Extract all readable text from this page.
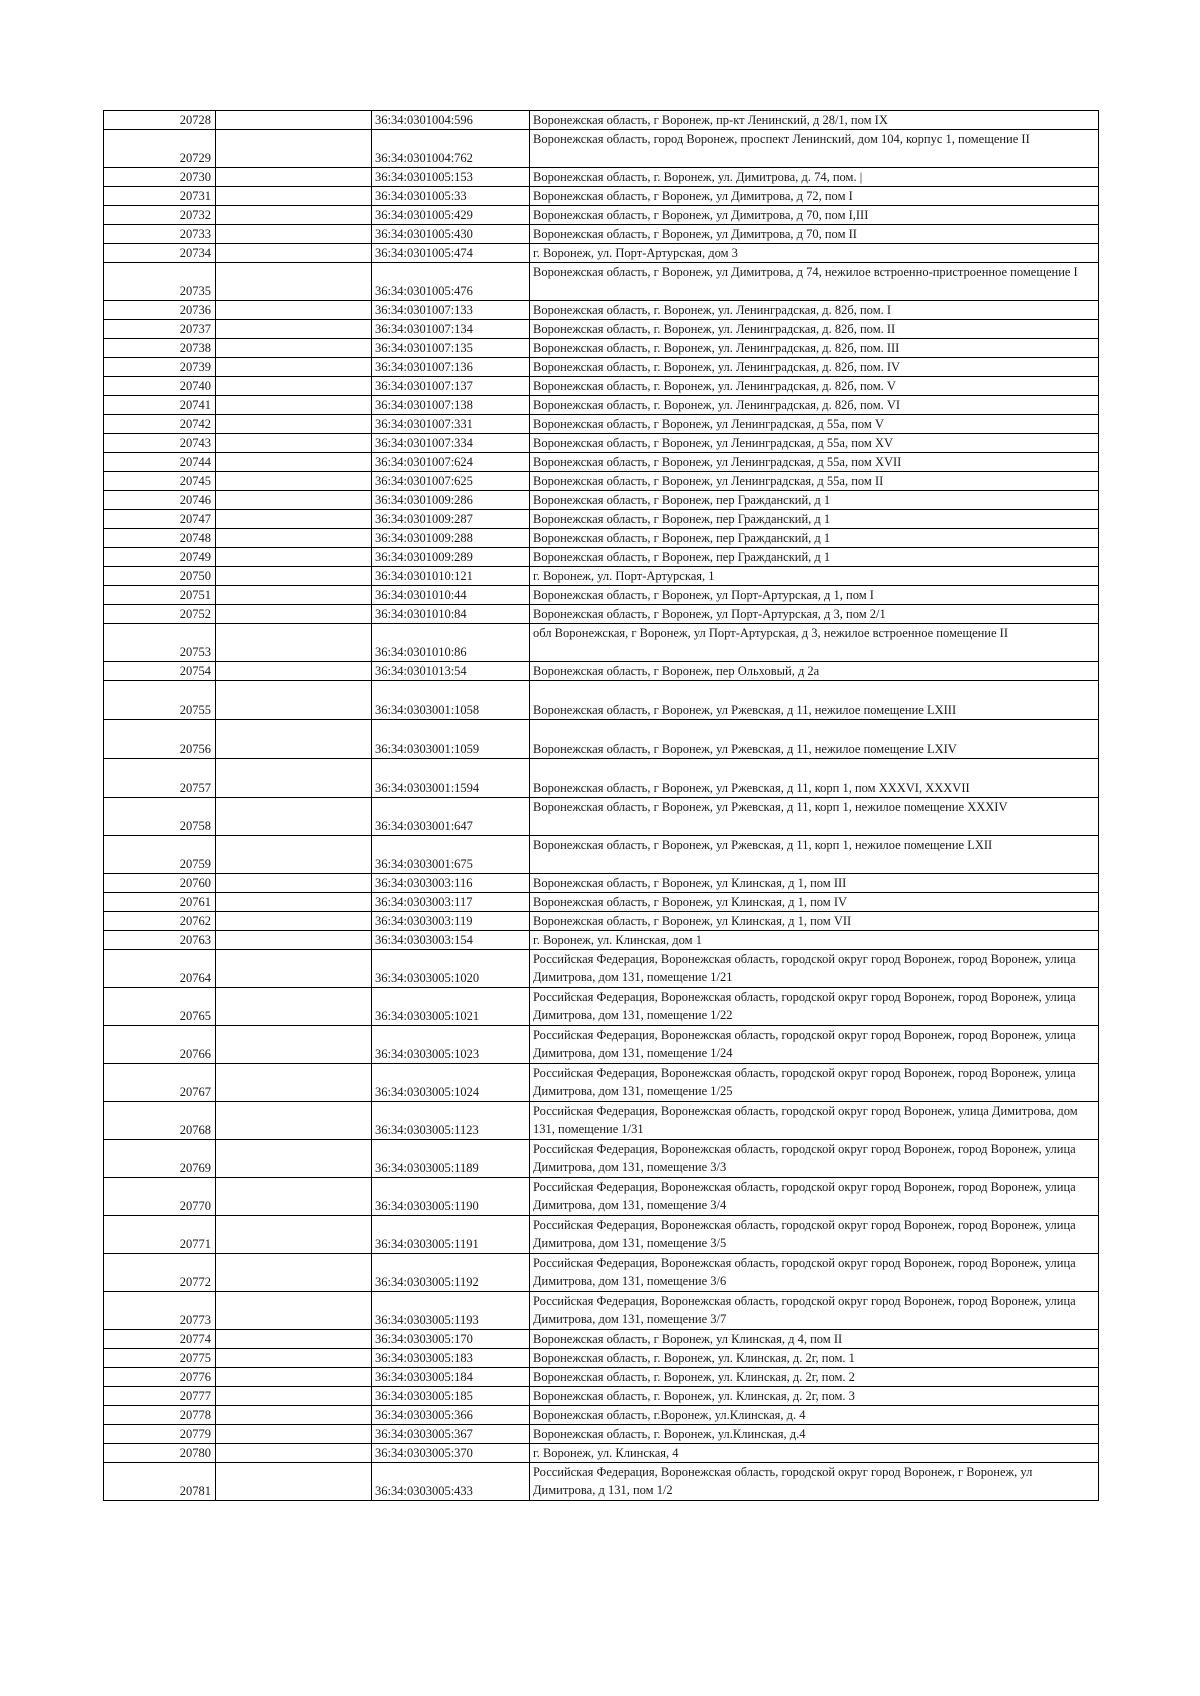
20728		36:34:0301004:596	Воронежская область, г Воронеж, пр-кт Ленинский, д 28/1, пом IX
20729		36:34:0301004:762	Воронежская область, город Воронеж, проспект Ленинский, дом 104, корпус 1, помещение II
20730		36:34:0301005:153	Воронежская область, г. Воронеж, ул. Димитрова, д. 74, пом. |
20731		36:34:0301005:33	Воронежская область, г Воронеж, ул Димитрова, д 72, пом I
20732		36:34:0301005:429	Воронежская область, г Воронеж, ул Димитрова, д 70, пом I,III
20733		36:34:0301005:430	Воронежская область, г Воронеж, ул Димитрова, д 70, пом II
20734		36:34:0301005:474	г. Воронеж, ул. Порт-Артурская, дом 3
20735		36:34:0301005:476	Воронежская область, г Воронеж, ул Димитрова, д 74, нежилое встроенно-пристроенное помещение I
20736		36:34:0301007:133	Воронежская область, г. Воронеж, ул. Ленинградская, д. 82б, пом. I
20737		36:34:0301007:134	Воронежская область, г. Воронеж, ул. Ленинградская, д. 82б, пом. II
20738		36:34:0301007:135	Воронежская область, г. Воронеж, ул. Ленинградская, д. 82б, пом. III
20739		36:34:0301007:136	Воронежская область, г. Воронеж, ул. Ленинградская, д. 82б, пом. IV
20740		36:34:0301007:137	Воронежская область, г. Воронеж, ул. Ленинградская, д. 82б, пом. V
20741		36:34:0301007:138	Воронежская область, г. Воронеж, ул. Ленинградская, д. 82б, пом. VI
20742		36:34:0301007:331	Воронежская область, г Воронеж, ул Ленинградская, д 55а, пом V
20743		36:34:0301007:334	Воронежская область, г Воронеж, ул Ленинградская, д 55а, пом XV
20744		36:34:0301007:624	Воронежская область, г Воронеж, ул Ленинградская, д 55а, пом XVII
20745		36:34:0301007:625	Воронежская область, г Воронеж, ул Ленинградская, д 55а, пом II
20746		36:34:0301009:286	Воронежская область, г Воронеж, пер Гражданский, д 1
20747		36:34:0301009:287	Воронежская область, г Воронеж, пер Гражданский, д 1
20748		36:34:0301009:288	Воронежская область, г Воронеж, пер Гражданский, д 1
20749		36:34:0301009:289	Воронежская область, г Воронеж, пер Гражданский, д 1
20750		36:34:0301010:121	г. Воронеж, ул. Порт-Артурская, 1
20751		36:34:0301010:44	Воронежская область, г Воронеж, ул Порт-Артурская, д 1, пом I
20752		36:34:0301010:84	Воронежская область, г Воронеж, ул Порт-Артурская, д 3, пом 2/1
20753		36:34:0301010:86	обл Воронежская, г Воронеж, ул Порт-Артурская, д 3, нежилое встроенное помещение II
20754		36:34:0301013:54	Воронежская область, г Воронеж, пер Ольховый, д 2а
20755		36:34:0303001:1058	Воронежская область, г Воронеж, ул Ржевская, д 11, нежилое помещение LXIII
20756		36:34:0303001:1059	Воронежская область, г Воронеж, ул Ржевская, д 11, нежилое помещение LXIV
20757		36:34:0303001:1594	Воронежская область, г Воронеж, ул Ржевская, д 11, корп 1, пом XXXVI, XXXVII
20758		36:34:0303001:647	Воронежская область, г Воронеж, ул Ржевская, д 11, корп 1, нежилое помещение XXXIV
20759		36:34:0303001:675	Воронежская область, г Воронеж, ул Ржевская, д 11, корп 1, нежилое помещение LXII
20760		36:34:0303003:116	Воронежская область, г Воронеж, ул Клинская, д 1, пом III
20761		36:34:0303003:117	Воронежская область, г Воронеж, ул Клинская, д 1, пом IV
20762		36:34:0303003:119	Воронежская область, г Воронеж, ул Клинская, д 1, пом VII
20763		36:34:0303003:154	г. Воронеж, ул. Клинская, дом 1
20764		36:34:0303005:1020	Российская Федерация, Воронежская область, городской округ город Воронеж, город Воронеж, улица Димитрова, дом 131, помещение 1/21
20765		36:34:0303005:1021	Российская Федерация, Воронежская область, городской округ город Воронеж, город Воронеж, улица Димитрова, дом 131, помещение 1/22
20766		36:34:0303005:1023	Российская Федерация, Воронежская область, городской округ город Воронеж, город Воронеж, улица Димитрова, дом 131, помещение 1/24
20767		36:34:0303005:1024	Российская Федерация, Воронежская область, городской округ город Воронеж, город Воронеж, улица Димитрова, дом 131, помещение 1/25
20768		36:34:0303005:1123	Российская Федерация, Воронежская область, городской округ город Воронеж, улица Димитрова, дом 131, помещение 1/31
20769		36:34:0303005:1189	Российская Федерация, Воронежская область, городской округ город Воронеж, город Воронеж, улица Димитрова, дом 131, помещение 3/3
20770		36:34:0303005:1190	Российская Федерация, Воронежская область, городской округ город Воронеж, город Воронеж, улица Димитрова, дом 131, помещение 3/4
20771		36:34:0303005:1191	Российская Федерация, Воронежская область, городской округ город Воронеж, город Воронеж, улица Димитрова, дом 131, помещение 3/5
20772		36:34:0303005:1192	Российская Федерация, Воронежская область, городской округ город Воронеж, город Воронеж, улица Димитрова, дом 131, помещение 3/6
20773		36:34:0303005:1193	Российская Федерация, Воронежская область, городской округ город Воронеж, город Воронеж, улица Димитрова, дом 131, помещение 3/7
20774		36:34:0303005:170	Воронежская область, г Воронеж, ул Клинская, д 4, пом II
20775		36:34:0303005:183	Воронежская область, г. Воронеж, ул. Клинская, д. 2г, пом. 1
20776		36:34:0303005:184	Воронежская область, г. Воронеж, ул. Клинская, д. 2г, пом. 2
20777		36:34:0303005:185	Воронежская область, г. Воронеж, ул. Клинская, д. 2г, пом. 3
20778		36:34:0303005:366	Воронежская область, г.Воронеж, ул.Клинская, д. 4
20779		36:34:0303005:367	Воронежская область, г. Воронеж, ул.Клинская, д.4
20780		36:34:0303005:370	г. Воронеж, ул. Клинская, 4
20781		36:34:0303005:433	Российская Федерация, Воронежская область, городской округ город Воронеж, г Воронеж, ул Димитрова, д 131, пом 1/2
